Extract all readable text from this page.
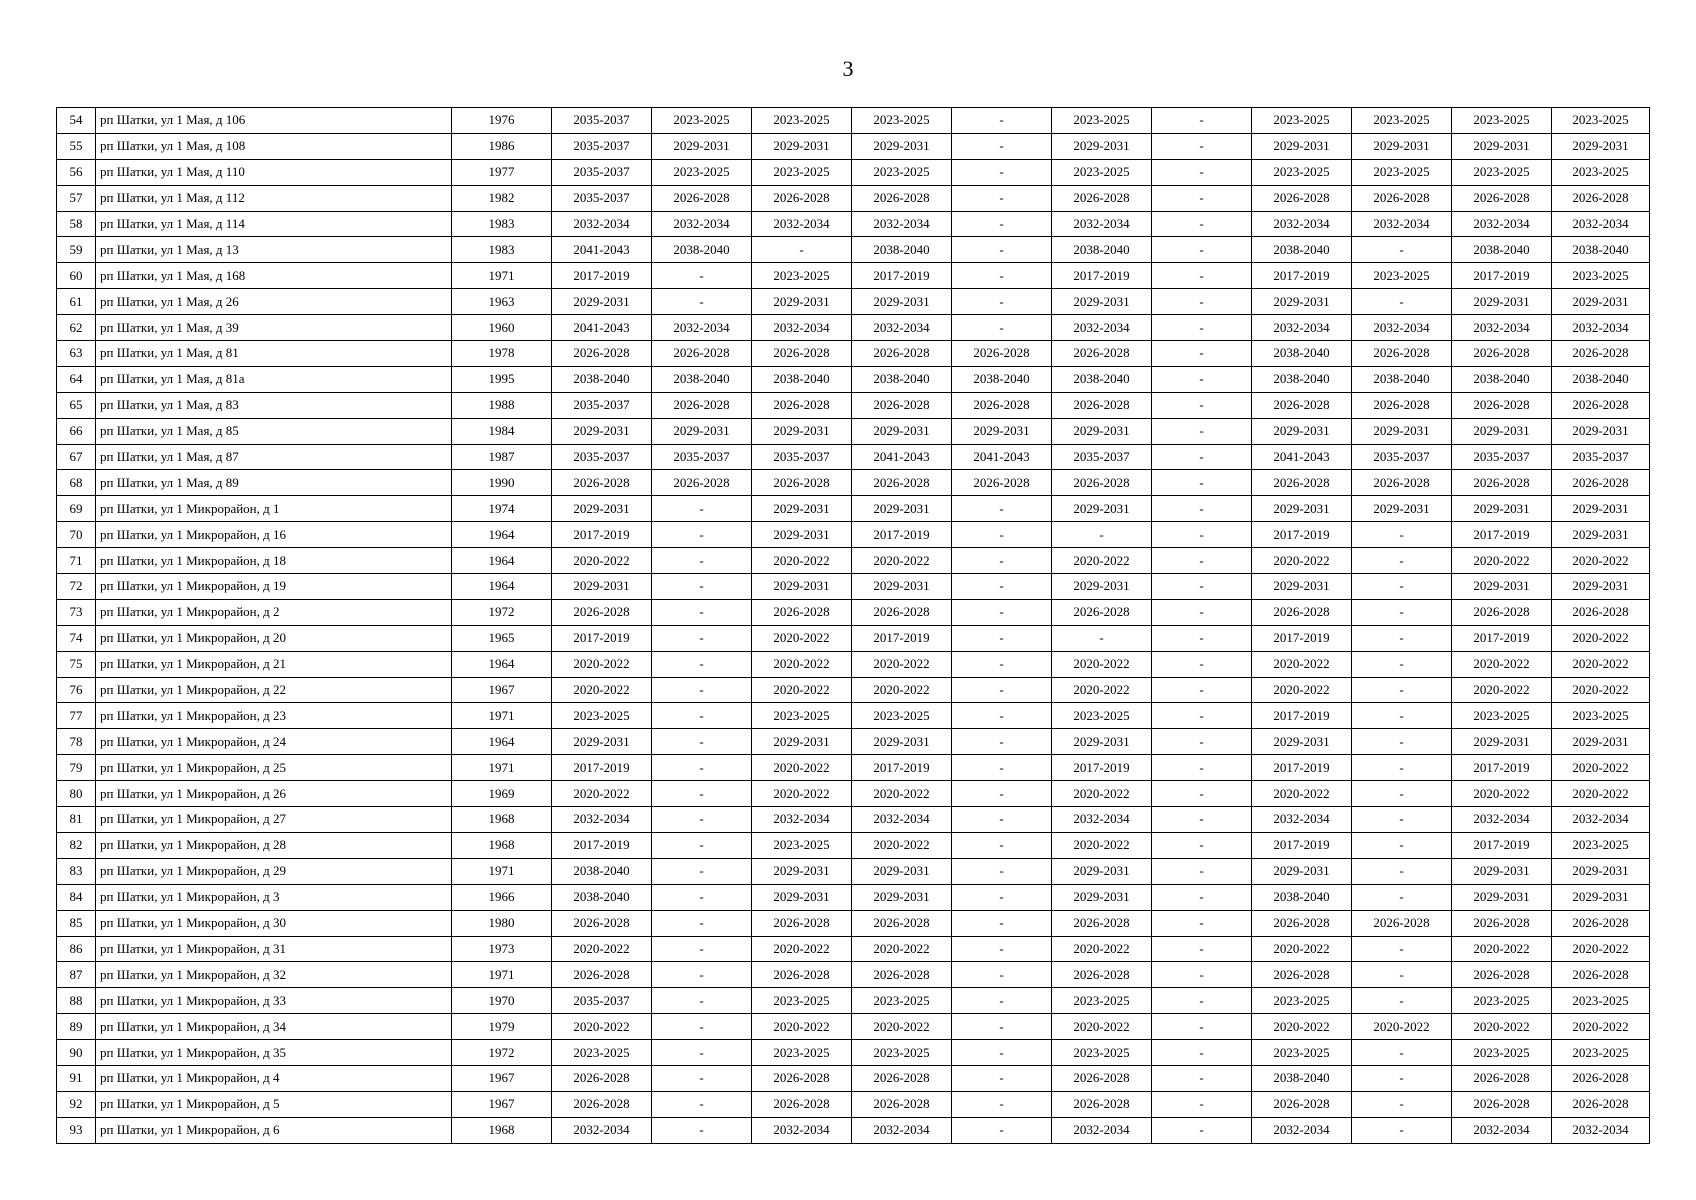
3
54	рп Шатки, ул 1 Мая, д 106	1976	2035-2037	2023-2025	2023-2025	2023-2025	-	2023-2025	-	2023-2025	2023-2025	2023-2025	2023-2025
55	рп Шатки, ул 1 Мая, д 108	1986	2035-2037	2029-2031	2029-2031	2029-2031	-	2029-2031	-	2029-2031	2029-2031	2029-2031	2029-2031
56	рп Шатки, ул 1 Мая, д 110	1977	2035-2037	2023-2025	2023-2025	2023-2025	-	2023-2025	-	2023-2025	2023-2025	2023-2025	2023-2025
57	рп Шатки, ул 1 Мая, д 112	1982	2035-2037	2026-2028	2026-2028	2026-2028	-	2026-2028	-	2026-2028	2026-2028	2026-2028	2026-2028
58	рп Шатки, ул 1 Мая, д 114	1983	2032-2034	2032-2034	2032-2034	2032-2034	-	2032-2034	-	2032-2034	2032-2034	2032-2034	2032-2034
59	рп Шатки, ул 1 Мая, д 13	1983	2041-2043	2038-2040	-	2038-2040	-	2038-2040	-	2038-2040	-	2038-2040	2038-2040
60	рп Шатки, ул 1 Мая, д 168	1971	2017-2019	-	2023-2025	2017-2019	-	2017-2019	-	2017-2019	2023-2025	2017-2019	2023-2025
61	рп Шатки, ул 1 Мая, д 26	1963	2029-2031	-	2029-2031	2029-2031	-	2029-2031	-	2029-2031	-	2029-2031	2029-2031
62	рп Шатки, ул 1 Мая, д 39	1960	2041-2043	2032-2034	2032-2034	2032-2034	-	2032-2034	-	2032-2034	2032-2034	2032-2034	2032-2034
63	рп Шатки, ул 1 Мая, д 81	1978	2026-2028	2026-2028	2026-2028	2026-2028	2026-2028	2026-2028	-	2038-2040	2026-2028	2026-2028	2026-2028
64	рп Шатки, ул 1 Мая, д 81а	1995	2038-2040	2038-2040	2038-2040	2038-2040	2038-2040	2038-2040	-	2038-2040	2038-2040	2038-2040	2038-2040
65	рп Шатки, ул 1 Мая, д 83	1988	2035-2037	2026-2028	2026-2028	2026-2028	2026-2028	2026-2028	-	2026-2028	2026-2028	2026-2028	2026-2028
66	рп Шатки, ул 1 Мая, д 85	1984	2029-2031	2029-2031	2029-2031	2029-2031	2029-2031	2029-2031	-	2029-2031	2029-2031	2029-2031	2029-2031
67	рп Шатки, ул 1 Мая, д 87	1987	2035-2037	2035-2037	2035-2037	2041-2043	2041-2043	2035-2037	-	2041-2043	2035-2037	2035-2037	2035-2037
68	рп Шатки, ул 1 Мая, д 89	1990	2026-2028	2026-2028	2026-2028	2026-2028	2026-2028	2026-2028	-	2026-2028	2026-2028	2026-2028	2026-2028
69	рп Шатки, ул 1 Микрорайон, д 1	1974	2029-2031	-	2029-2031	2029-2031	-	2029-2031	-	2029-2031	2029-2031	2029-2031	2029-2031
70	рп Шатки, ул 1 Микрорайон, д 16	1964	2017-2019	-	2029-2031	2017-2019	-	-	-	2017-2019	-	2017-2019	2029-2031
71	рп Шатки, ул 1 Микрорайон, д 18	1964	2020-2022	-	2020-2022	2020-2022	-	2020-2022	-	2020-2022	-	2020-2022	2020-2022
72	рп Шатки, ул 1 Микрорайон, д 19	1964	2029-2031	-	2029-2031	2029-2031	-	2029-2031	-	2029-2031	-	2029-2031	2029-2031
73	рп Шатки, ул 1 Микрорайон, д 2	1972	2026-2028	-	2026-2028	2026-2028	-	2026-2028	-	2026-2028	-	2026-2028	2026-2028
74	рп Шатки, ул 1 Микрорайон, д 20	1965	2017-2019	-	2020-2022	2017-2019	-	-	-	2017-2019	-	2017-2019	2020-2022
75	рп Шатки, ул 1 Микрорайон, д 21	1964	2020-2022	-	2020-2022	2020-2022	-	2020-2022	-	2020-2022	-	2020-2022	2020-2022
76	рп Шатки, ул 1 Микрорайон, д 22	1967	2020-2022	-	2020-2022	2020-2022	-	2020-2022	-	2020-2022	-	2020-2022	2020-2022
77	рп Шатки, ул 1 Микрорайон, д 23	1971	2023-2025	-	2023-2025	2023-2025	-	2023-2025	-	2017-2019	-	2023-2025	2023-2025
78	рп Шатки, ул 1 Микрорайон, д 24	1964	2029-2031	-	2029-2031	2029-2031	-	2029-2031	-	2029-2031	-	2029-2031	2029-2031
79	рп Шатки, ул 1 Микрорайон, д 25	1971	2017-2019	-	2020-2022	2017-2019	-	2017-2019	-	2017-2019	-	2017-2019	2020-2022
80	рп Шатки, ул 1 Микрорайон, д 26	1969	2020-2022	-	2020-2022	2020-2022	-	2020-2022	-	2020-2022	-	2020-2022	2020-2022
81	рп Шатки, ул 1 Микрорайон, д 27	1968	2032-2034	-	2032-2034	2032-2034	-	2032-2034	-	2032-2034	-	2032-2034	2032-2034
82	рп Шатки, ул 1 Микрорайон, д 28	1968	2017-2019	-	2023-2025	2020-2022	-	2020-2022	-	2017-2019	-	2017-2019	2023-2025
83	рп Шатки, ул 1 Микрорайон, д 29	1971	2038-2040	-	2029-2031	2029-2031	-	2029-2031	-	2029-2031	-	2029-2031	2029-2031
84	рп Шатки, ул 1 Микрорайон, д 3	1966	2038-2040	-	2029-2031	2029-2031	-	2029-2031	-	2038-2040	-	2029-2031	2029-2031
85	рп Шатки, ул 1 Микрорайон, д 30	1980	2026-2028	-	2026-2028	2026-2028	-	2026-2028	-	2026-2028	2026-2028	2026-2028	2026-2028
86	рп Шатки, ул 1 Микрорайон, д 31	1973	2020-2022	-	2020-2022	2020-2022	-	2020-2022	-	2020-2022	-	2020-2022	2020-2022
87	рп Шатки, ул 1 Микрорайон, д 32	1971	2026-2028	-	2026-2028	2026-2028	-	2026-2028	-	2026-2028	-	2026-2028	2026-2028
88	рп Шатки, ул 1 Микрорайон, д 33	1970	2035-2037	-	2023-2025	2023-2025	-	2023-2025	-	2023-2025	-	2023-2025	2023-2025
89	рп Шатки, ул 1 Микрорайон, д 34	1979	2020-2022	-	2020-2022	2020-2022	-	2020-2022	-	2020-2022	2020-2022	2020-2022	2020-2022
90	рп Шатки, ул 1 Микрорайон, д 35	1972	2023-2025	-	2023-2025	2023-2025	-	2023-2025	-	2023-2025	-	2023-2025	2023-2025
91	рп Шатки, ул 1 Микрорайон, д 4	1967	2026-2028	-	2026-2028	2026-2028	-	2026-2028	-	2038-2040	-	2026-2028	2026-2028
92	рп Шатки, ул 1 Микрорайон, д 5	1967	2026-2028	-	2026-2028	2026-2028	-	2026-2028	-	2026-2028	-	2026-2028	2026-2028
93	рп Шатки, ул 1 Микрорайон, д 6	1968	2032-2034	-	2032-2034	2032-2034	-	2032-2034	-	2032-2034	-	2032-2034	2032-2034
